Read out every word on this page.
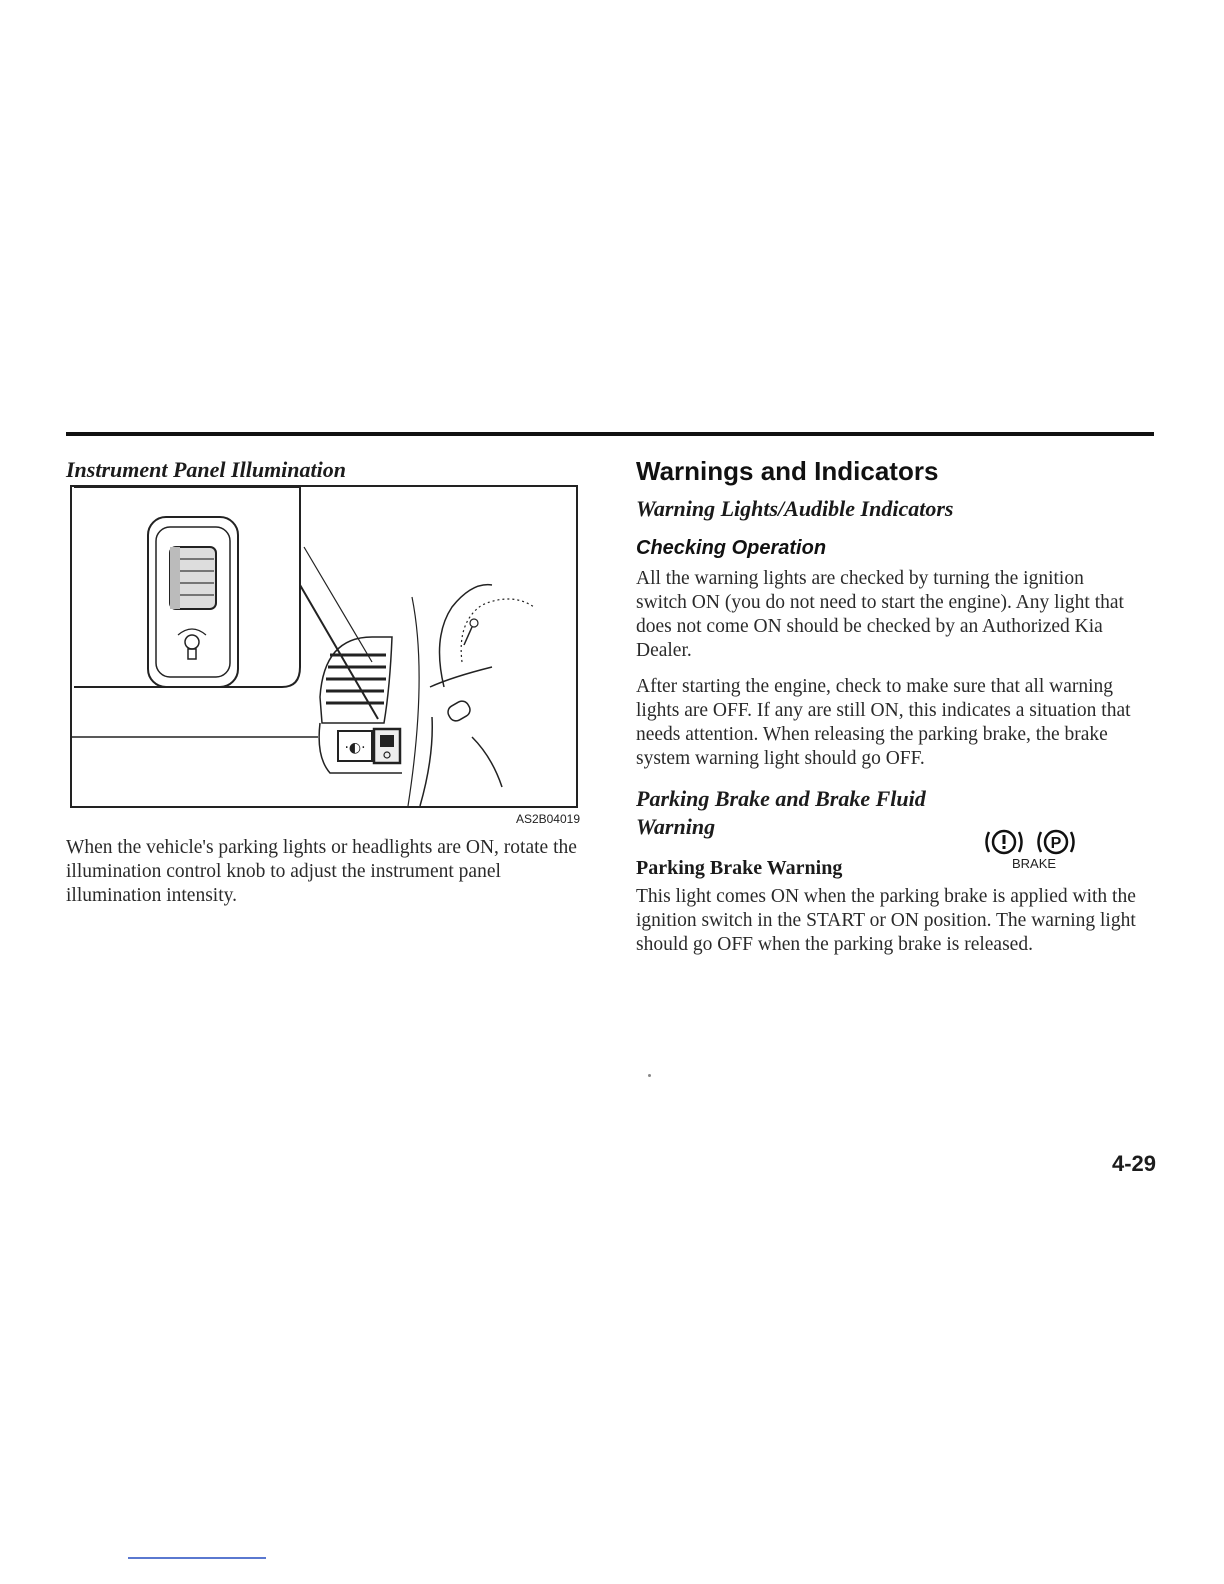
Instrument Panel Illumination

·◐·
AS2B04019

When the vehicle's parking lights or headlights are ON, rotate the illumination control knob to adjust the instrument panel illumination intensity.

Warnings and Indicators

Warning Lights/Audible Indicators

Checking Operation

All the warning lights are checked by turning the ignition switch ON (you do not need to start the engine). Any light that does not come ON should be checked by an Authorized Kia Dealer.

After starting the engine, check to make sure that all warning lights are OFF. If any are still ON, this indicates a situation that needs attention. When releasing the parking brake, the brake system warning light should go OFF.

Parking Brake and Brake Fluid Warning

Parking Brake Warning

This light comes ON when the parking brake is applied with the ignition switch in the START or ON position. The warning light should go OFF when the parking brake is released.

P
BRAKE
4-29
